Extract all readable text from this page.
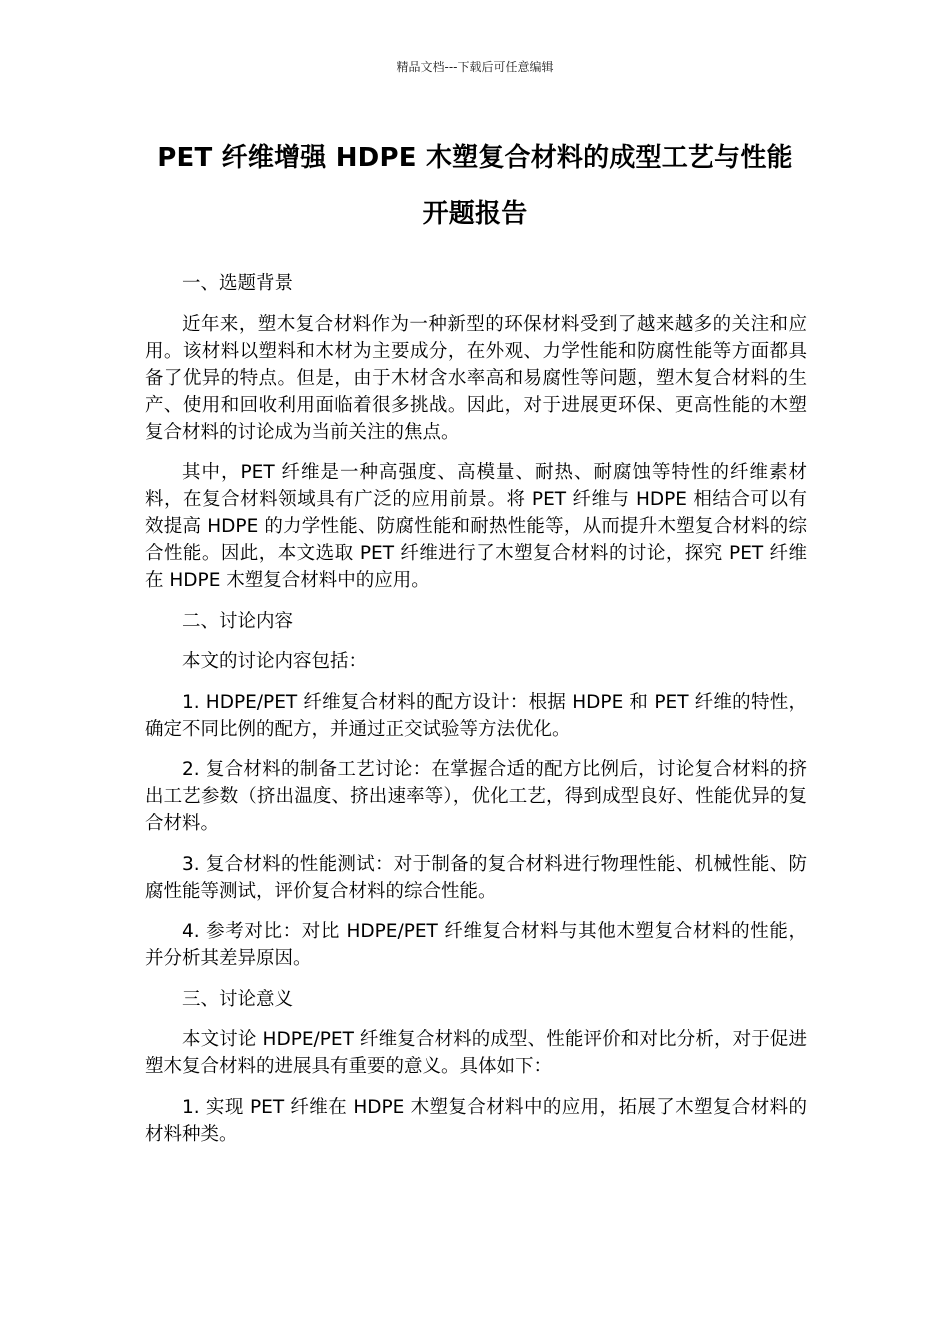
精品文档---下载后可任意编辑
PET 纤维增强 HDPE 木塑复合材料的成型工艺与性能开题报告

一、选题背景

近年来，塑木复合材料作为一种新型的环保材料受到了越来越多的关注和应用。该材料以塑料和木材为主要成分，在外观、力学性能和防腐性能等方面都具备了优异的特点。但是，由于木材含水率高和易腐性等问题，塑木复合材料的生产、使用和回收利用面临着很多挑战。因此，对于进展更环保、更高性能的木塑复合材料的讨论成为当前关注的焦点。

其中，PET 纤维是一种高强度、高模量、耐热、耐腐蚀等特性的纤维素材料，在复合材料领域具有广泛的应用前景。将 PET 纤维与 HDPE 相结合可以有效提高 HDPE 的力学性能、防腐性能和耐热性能等，从而提升木塑复合材料的综合性能。因此，本文选取 PET 纤维进行了木塑复合材料的讨论，探究 PET 纤维在 HDPE 木塑复合材料中的应用。

二、讨论内容

本文的讨论内容包括：

1. HDPE/PET 纤维复合材料的配方设计：根据 HDPE 和 PET 纤维的特性，确定不同比例的配方，并通过正交试验等方法优化。

2. 复合材料的制备工艺讨论：在掌握合适的配方比例后，讨论复合材料的挤出工艺参数（挤出温度、挤出速率等），优化工艺，得到成型良好、性能优异的复合材料。

3. 复合材料的性能测试：对于制备的复合材料进行物理性能、机械性能、防腐性能等测试，评价复合材料的综合性能。

4. 参考对比：对比 HDPE/PET 纤维复合材料与其他木塑复合材料的性能，并分析其差异原因。

三、讨论意义

本文讨论 HDPE/PET 纤维复合材料的成型、性能评价和对比分析，对于促进塑木复合材料的进展具有重要的意义。具体如下：

1. 实现 PET 纤维在 HDPE 木塑复合材料中的应用，拓展了木塑复合材料的材料种类。
